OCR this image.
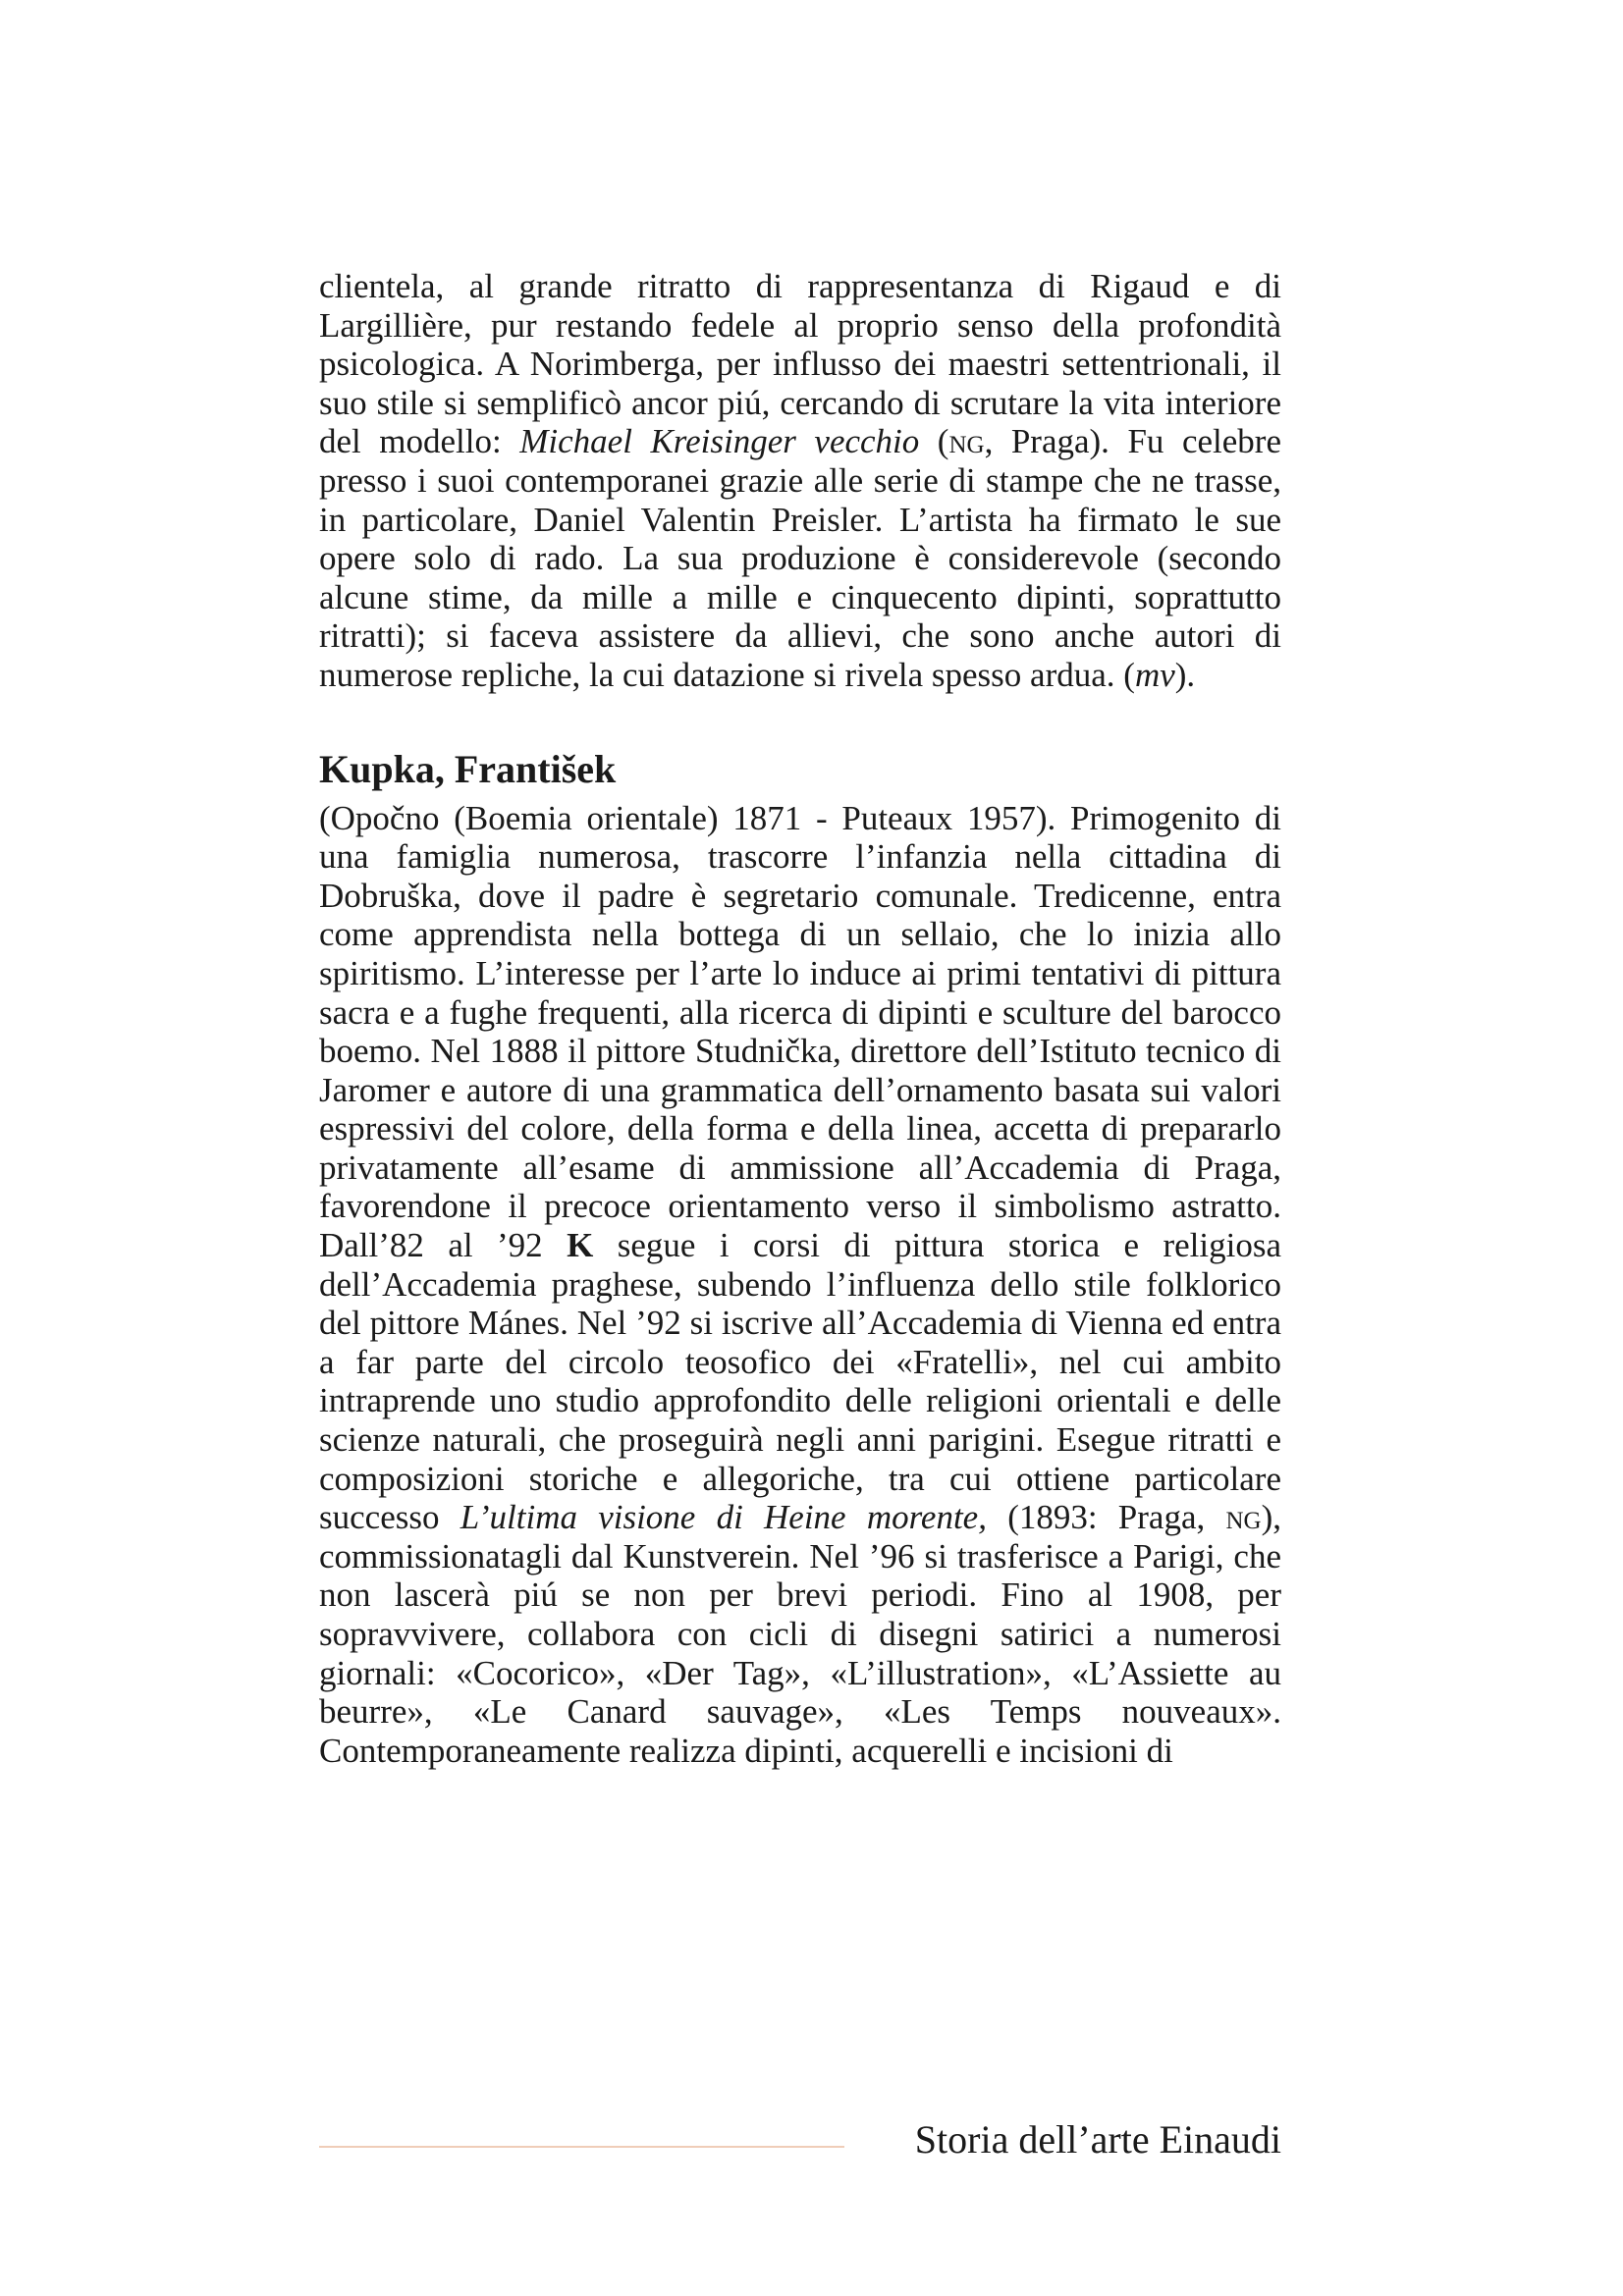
clientela, al grande ritratto di rappresentanza di Rigaud e di Largillière, pur restando fedele al proprio senso della profondità psicologica. A Norimberga, per influsso dei maestri settentrionali, il suo stile si semplificò ancor piú, cercando di scrutare la vita interiore del modello: Michael Kreisinger vecchio (ng, Praga). Fu celebre presso i suoi contemporanei grazie alle serie di stampe che ne trasse, in particolare, Daniel Valentin Preisler. L’artista ha firmato le sue opere solo di rado. La sua produzione è considerevole (secondo alcune stime, da mille a mille e cinquecento dipinti, soprattutto ritratti); si faceva assistere da allievi, che sono anche autori di numerose repliche, la cui datazione si rivela spesso ardua. (mv).

Kupka, František

(Opočno (Boemia orientale) 1871 - Puteaux 1957). Primogenito di una famiglia numerosa, trascorre l’infanzia nella cittadina di Dobruška, dove il padre è segretario comunale. Tredicenne, entra come apprendista nella bottega di un sellaio, che lo inizia allo spiritismo. L’interesse per l’arte lo induce ai primi tentativi di pittura sacra e a fughe frequenti, alla ricerca di dipinti e sculture del barocco boemo. Nel 1888 il pittore Studnička, direttore dell’Istituto tecnico di Jaromer e autore di una grammatica dell’ornamento basata sui valori espressivi del colore, della forma e della linea, accetta di prepararlo privatamente all’esame di ammissione all’Accademia di Praga, favorendone il precoce orientamento verso il simbolismo astratto. Dall’82 al ’92 K segue i corsi di pittura storica e religiosa dell’Accademia praghese, subendo l’influenza dello stile folklorico del pittore Mánes. Nel ’92 si iscrive all’Accademia di Vienna ed entra a far parte del circolo teosofico dei «Fratelli», nel cui ambito intraprende uno studio approfondito delle religioni orientali e delle scienze naturali, che proseguirà negli anni parigini. Esegue ritratti e composizioni storiche e allegoriche, tra cui ottiene particolare successo L’ultima visione di Heine morente, (1893: Praga, ng), commissionatagli dal Kunstverein. Nel ’96 si trasferisce a Parigi, che non lascerà piú se non per brevi periodi. Fino al 1908, per sopravvivere, collabora con cicli di disegni satirici a numerosi giornali: «Cocorico», «Der Tag», «L’illustration», «L’Assiette au beurre», «Le Canard sauvage», «Les Temps nouveaux». Contemporaneamente realizza dipinti, acquerelli e incisioni di

Storia dell’arte Einaudi
